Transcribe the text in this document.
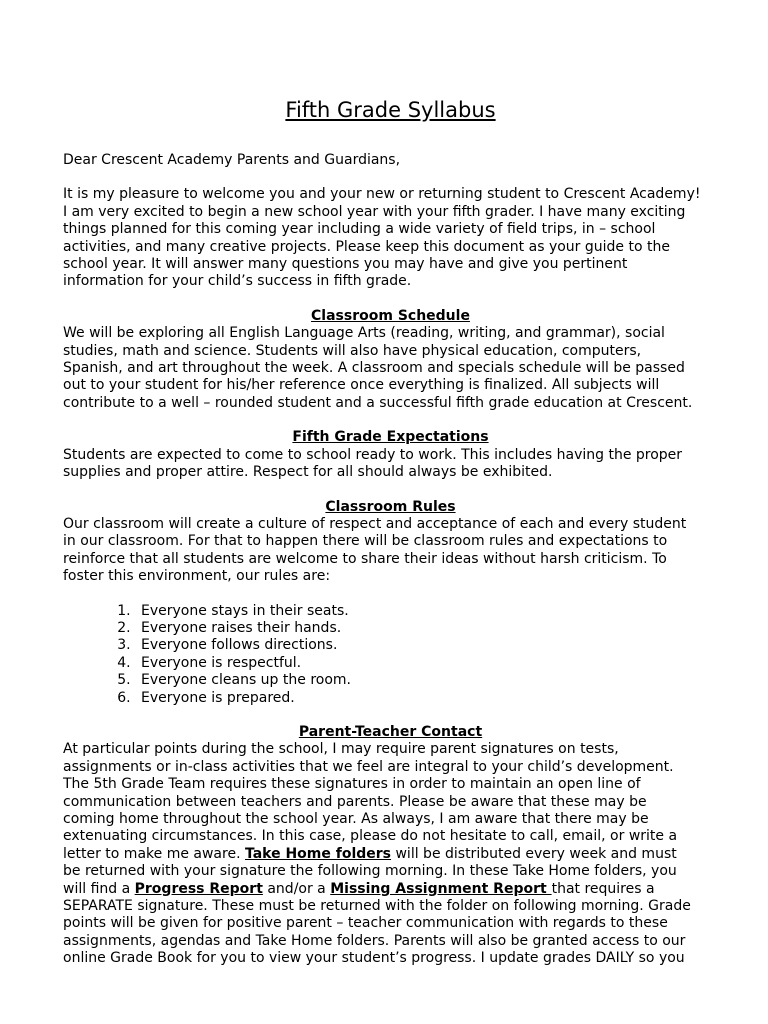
Fifth Grade Syllabus

Dear Crescent Academy Parents and Guardians,

It is my pleasure to welcome you and your new or returning student to Crescent Academy!
I am very excited to begin a new school year with your fifth grader. I have many exciting
things planned for this coming year including a wide variety of field trips, in – school
activities, and many creative projects. Please keep this document as your guide to the
school year. It will answer many questions you may have and give you pertinent
information for your child’s success in fifth grade.
Classroom Schedule
We will be exploring all English Language Arts (reading, writing, and grammar), social
studies, math and science. Students will also have physical education, computers,
Spanish, and art throughout the week. A classroom and specials schedule will be passed
out to your student for his/her reference once everything is finalized. All subjects will
contribute to a well – rounded student and a successful fifth grade education at Crescent.
Fifth Grade Expectations
Students are expected to come to school ready to work. This includes having the proper
supplies and proper attire. Respect for all should always be exhibited.
Classroom Rules
Our classroom will create a culture of respect and acceptance of each and every student
in our classroom. For that to happen there will be classroom rules and expectations to
reinforce that all students are welcome to share their ideas without harsh criticism. To
foster this environment, our rules are:
1. Everyone stays in their seats.
2. Everyone raises their hands.
3. Everyone follows directions.
4. Everyone is respectful.
5. Everyone cleans up the room.
6. Everyone is prepared.
Parent-Teacher Contact
At particular points during the school, I may require parent signatures on tests,
assignments or in-class activities that we feel are integral to your child’s development.
The 5th Grade Team requires these signatures in order to maintain an open line of
communication between teachers and parents. Please be aware that these may be
coming home throughout the school year. As always, I am aware that there may be
extenuating circumstances. In this case, please do not hesitate to call, email, or write a
letter to make me aware. Take Home folders will be distributed every week and must
be returned with your signature the following morning. In these Take Home folders, you
will find a Progress Report and/or a Missing Assignment Report that requires a
SEPARATE signature. These must be returned with the folder on following morning. Grade
points will be given for positive parent – teacher communication with regards to these
assignments, agendas and Take Home folders. Parents will also be granted access to our
online Grade Book for you to view your student’s progress. I update grades DAILY so you
